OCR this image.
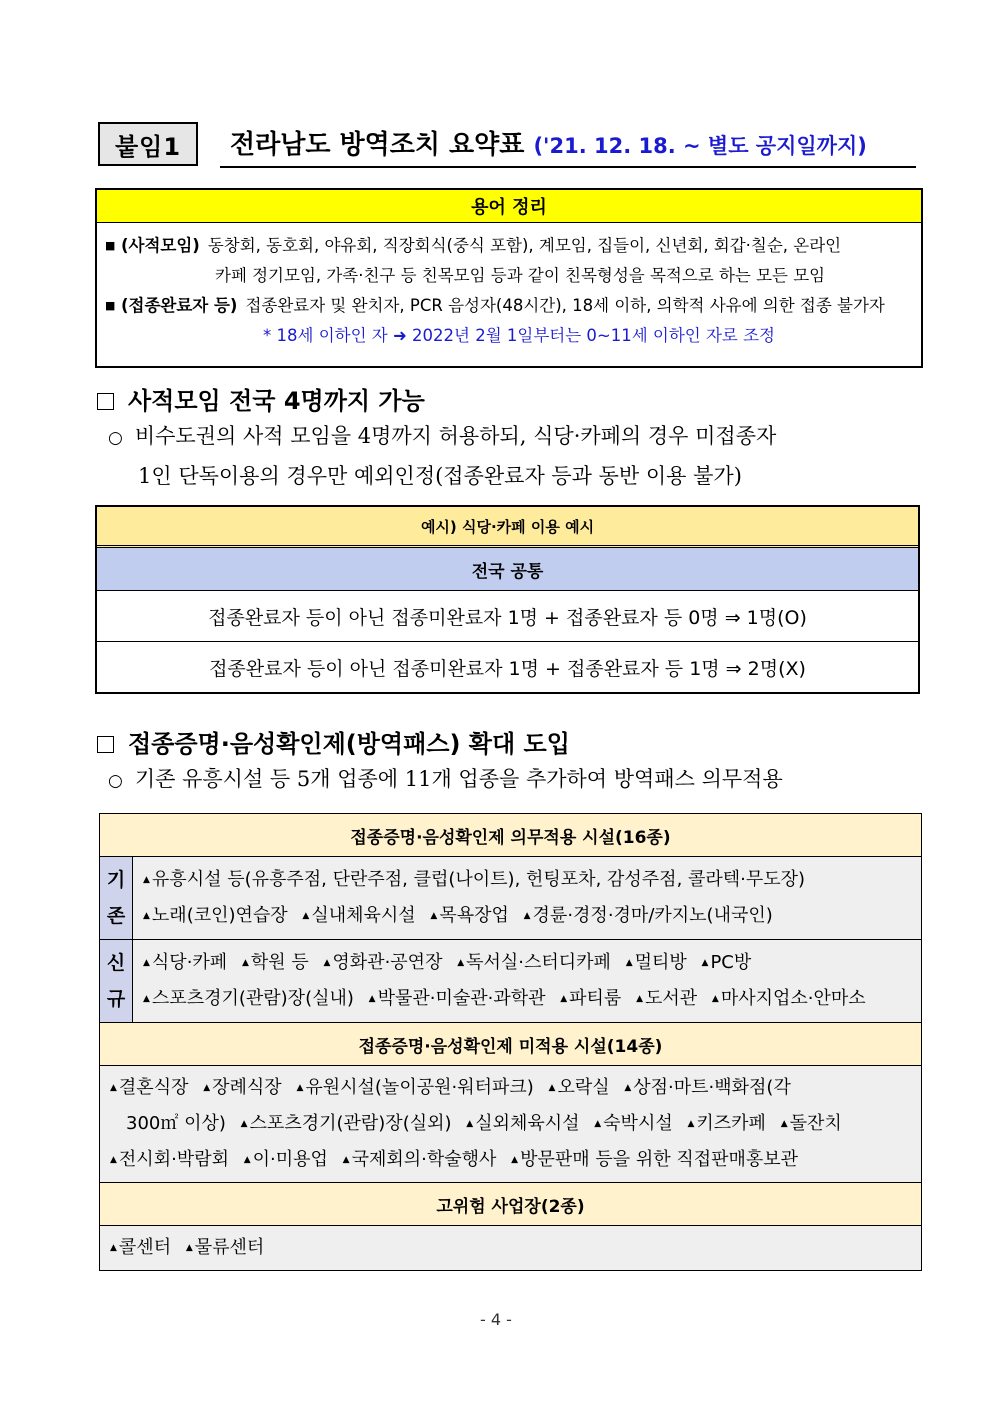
붙임1 전라남도 방역조치 요약표 ('21. 12. 18. ~ 별도 공지일까지)
용어 정리
■ (사적모임) 동창회, 동호회, 야유회, 직장회식(중식 포함), 계모임, 집들이, 신년회, 회갑·칠순, 온라인
카페 정기모임, 가족·친구 등 친목모임 등과 같이 친목형성을 목적으로 하는 모든 모임
■ (접종완료자 등) 접종완료자 및 완치자, PCR 음성자(48시간), 18세 이하, 의학적 사유에 의한 접종 불가자
* 18세 이하인 자 ➜ 2022년 2월 1일부터는 0~11세 이하인 자로 조정
사적모임 전국 4명까지 가능
○ 비수도권의 사적 모임을 4명까지 허용하되, 식당·카페의 경우 미접종자
1인 단독이용의 경우만 예외인정(접종완료자 등과 동반 이용 불가)
예시) 식당·카페 이용 예시
전국 공통
접종완료자 등이 아닌 접종미완료자 1명 + 접종완료자 등 0명 ⇒ 1명(O)
접종완료자 등이 아닌 접종미완료자 1명 + 접종완료자 등 1명 ⇒ 2명(X)
접종증명·음성확인제(방역패스) 확대 도입
○ 기존 유흥시설 등 5개 업종에 11개 업종을 추가하여 방역패스 의무적용
접종증명·음성확인제 의무적용 시설(16종)
기
존
▲ 유흥시설 등(유흥주점, 단란주점, 클럽(나이트), 헌팅포차, 감성주점, 콜라텍·무도장)
▲ 노래(코인)연습장 ▲ 실내체육시설 ▲ 목욕장업 ▲ 경륜·경정·경마/카지노(내국인)
신
규
▲ 식당·카페 ▲ 학원 등 ▲ 영화관·공연장 ▲ 독서실·스터디카페 ▲ 멀티방 ▲ PC방
▲ 스포츠경기(관람)장(실내) ▲ 박물관·미술관·과학관 ▲ 파티룸 ▲ 도서관 ▲ 마사지업소·안마소
접종증명·음성확인제 미적용 시설(14종)
▲ 결혼식장 ▲ 장례식장 ▲ 유원시설(놀이공원·워터파크) ▲ 오락실 ▲ 상점·마트·백화점(각
300㎡ 이상) ▲ 스포츠경기(관람)장(실외) ▲ 실외체육시설 ▲ 숙박시설 ▲ 키즈카페 ▲ 돌잔치
▲ 전시회·박람회 ▲ 이·미용업 ▲ 국제회의·학술행사 ▲ 방문판매 등을 위한 직접판매홍보관
고위험 사업장(2종)
▲ 콜센터 ▲ 물류센터
- 4 -
